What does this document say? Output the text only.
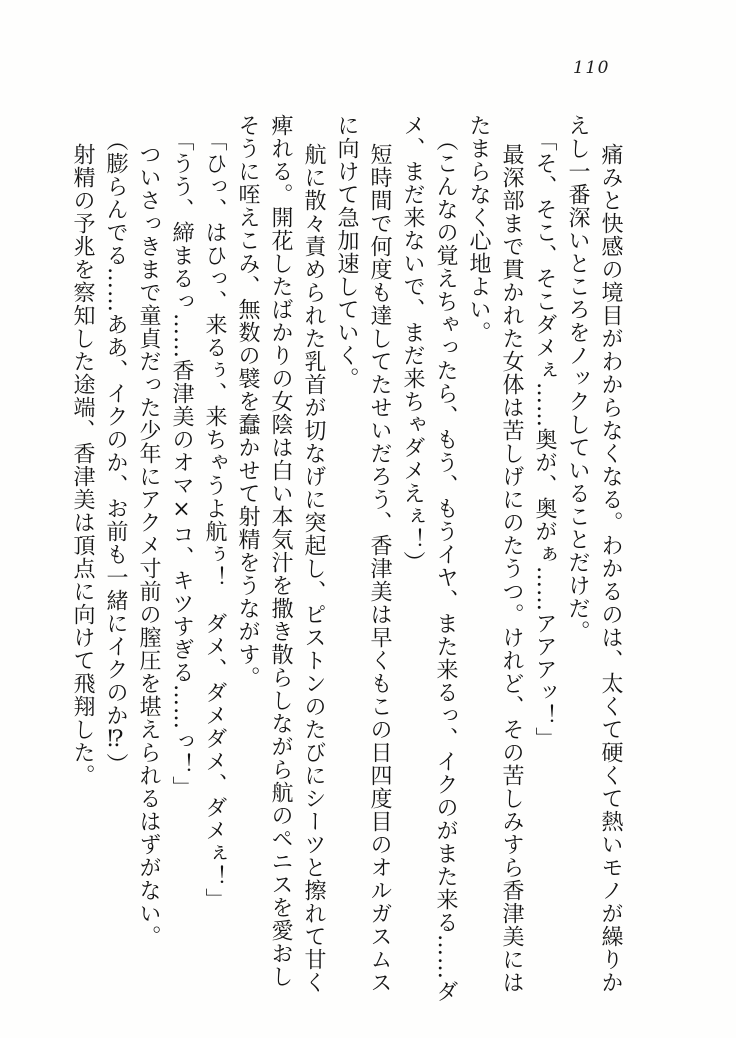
110
痛みと快感の境目がわからなくなる。わかるのは、太くて硬くて熱いモノが繰りか
えし一番深いところをノックしていることだけだ。
「そ、そこ、そこダメぇ……奥が、奥がぁ……アアアッ！」
最深部まで貫かれた女体は苦しげにのたうつ。けれど、その苦しみすら香津美には
たまらなく心地よい。
（こんなの覚えちゃったら、もう、もうイヤ、また来るっ、イクのがまた来る……ダ
メ、まだ来ないで、まだ来ちゃダメえぇ！）
短時間で何度も達してたせいだろう、香津美は早くもこの日四度目のオルガスムス
に向けて急加速していく。
航に散々責められた乳首が切なげに突起し、ピストンのたびにシーツと擦れて甘く
痺れる。開花したばかりの女陰は白い本気汁を撒き散らしながら航のペニスを愛おし
そうに咥えこみ、無数の襞を蠢かせて射精をうながす。
「ひっ、はひっ、来るぅ、来ちゃうよ航ぅ！　ダメ、ダメダメ、ダメぇ！」
「うう、締まるっ……香津美のオマ×コ、キツすぎる……っ！」
ついさっきまで童貞だった少年にアクメ寸前の膣圧を堪えられるはずがない。
（膨らんでる……ああ、イクのか、お前も一緒にイクのか⁉）
射精の予兆を察知した途端、香津美は頂点に向けて飛翔した。
